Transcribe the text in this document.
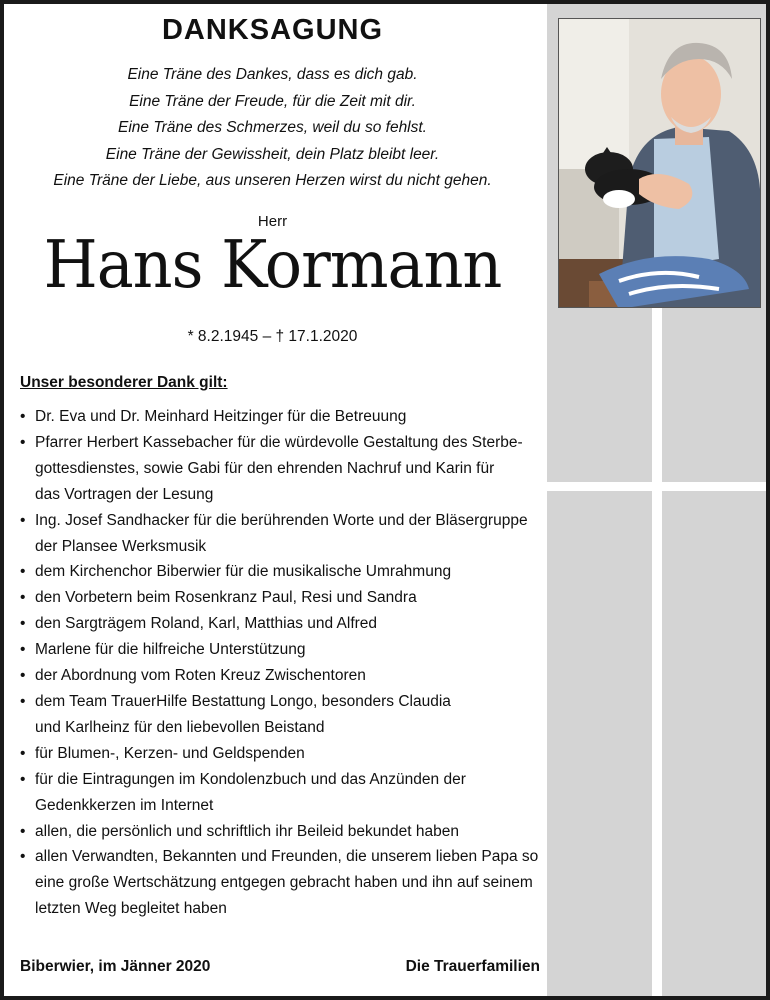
DANKSAGUNG
Eine Träne des Dankes, dass es dich gab.
Eine Träne der Freude, für die Zeit mit dir.
Eine Träne des Schmerzes, weil du so fehlst.
Eine Träne der Gewissheit, dein Platz bleibt leer.
Eine Träne der Liebe, aus unseren Herzen wirst du nicht gehen.
Herr
Hans Kormann
* 8.2.1945 – † 17.1.2020
Unser besonderer Dank gilt:
• Dr. Eva und Dr. Meinhard Heitzinger für die Betreuung
• Pfarrer Herbert Kassebacher für die würdevolle Gestaltung des Sterbe-
gottesdienstes, sowie Gabi für den ehrenden Nachruf und Karin für
das Vortragen der Lesung
• Ing. Josef Sandhacker für die berührenden Worte und der Bläsergruppe
der Plansee Werksmusik
• dem Kirchenchor Biberwier für die musikalische Umrahmung
• den Vorbetern beim Rosenkranz Paul, Resi und Sandra
• den Sargträgem Roland, Karl, Matthias und Alfred
• Marlene für die hilfreiche Unterstützung
• der Abordnung vom Roten Kreuz Zwischentoren
• dem Team TrauerHilfe Bestattung Longo, besonders Claudia
und Karlheinz für den liebevollen Beistand
• für Blumen-, Kerzen- und Geldspenden
• für die Eintragungen im Kondolenzbuch und das Anzünden der
Gedenkkerzen im Internet
• allen, die persönlich und schriftlich ihr Beileid bekundet haben
• allen Verwandten, Bekannten und Freunden, die unserem lieben Papa so
eine große Wertschätzung entgegen gebracht haben und ihn auf seinem
letzten Weg begleitet haben
Biberwier, im Jänner 2020	Die Trauerfamilien
